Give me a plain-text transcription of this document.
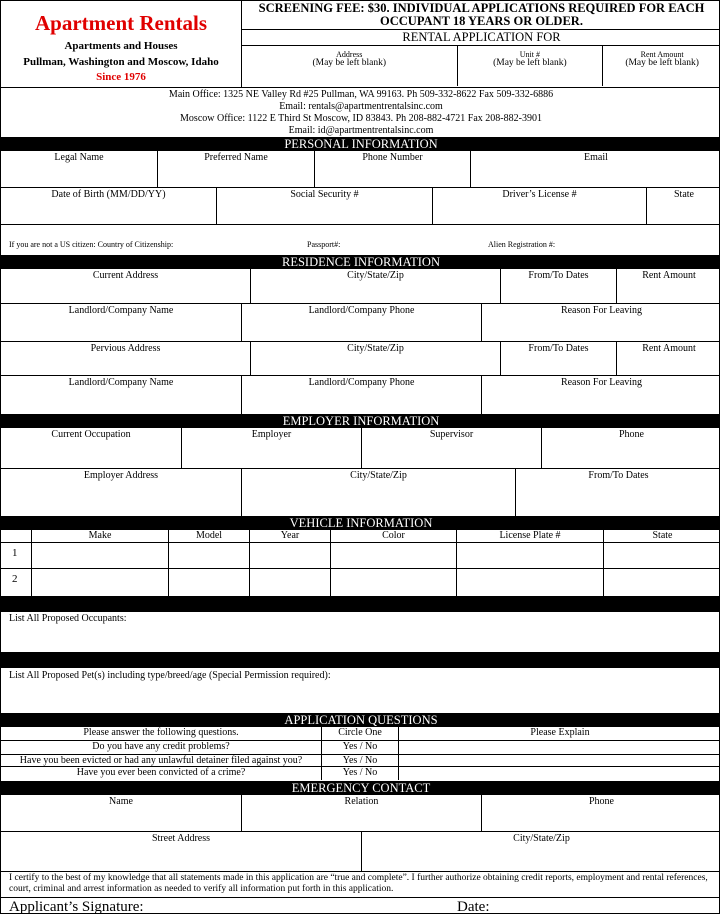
Apartment Rentals
Apartments and Houses
Pullman, Washington and Moscow, Idaho
Since 1976
SCREENING FEE: $30. INDIVIDUAL APPLICATIONS REQUIRED FOR EACH OCCUPANT 18 YEARS OR OLDER.
RENTAL APPLICATION FOR
Address
(May be left blank)
Unit #
(May be left blank)
Rent Amount
(May be left blank)
Main Office: 1325 NE Valley Rd #25 Pullman, WA 99163. Ph 509-332-8622 Fax 509-332-6886
Email: rentals@apartmentrentalsinc.com
Moscow Office: 1122 E Third St Moscow, ID 83843. Ph 208-882-4721 Fax 208-882-3901
Email: id@apartmentrentalsinc.com
PERSONAL INFORMATION
Legal Name	Preferred Name	Phone Number	Email
Date of Birth (MM/DD/YY)	Social Security #	Driver’s License #	State
If you are not a US citizen: Country of Citizenship:	Passport#:	Alien Registration #:
RESIDENCE INFORMATION
Current Address	City/State/Zip	From/To Dates	Rent Amount
Landlord/Company Name	Landlord/Company Phone	Reason For Leaving
Pervious Address	City/State/Zip	From/To Dates	Rent Amount
Landlord/Company Name	Landlord/Company Phone	Reason For Leaving
EMPLOYER INFORMATION
Current Occupation	Employer	Supervisor	Phone
Employer Address	City/State/Zip	From/To Dates
VEHICLE INFORMATION
Make	Model	Year	Color	License Plate #	State
1
2
List All Proposed Occupants:
List All Proposed Pet(s) including type/breed/age (Special Permission required):
APPLICATION QUESTIONS
Please answer the following questions.	Circle One	Please Explain
Do you have any credit problems?	Yes / No
Have you been evicted or had any unlawful detainer filed against you?	Yes / No
Have you ever been convicted of a crime?	Yes / No
EMERGENCY CONTACT
Name	Relation	Phone
Street Address	City/State/Zip
I certify to the best of my knowledge that all statements made in this application are “true and complete”. I further authorize obtaining credit reports, employment and rental references, court, criminal and arrest information as needed to verify all information put forth in this application.
Applicant’s Signature:	Date:
